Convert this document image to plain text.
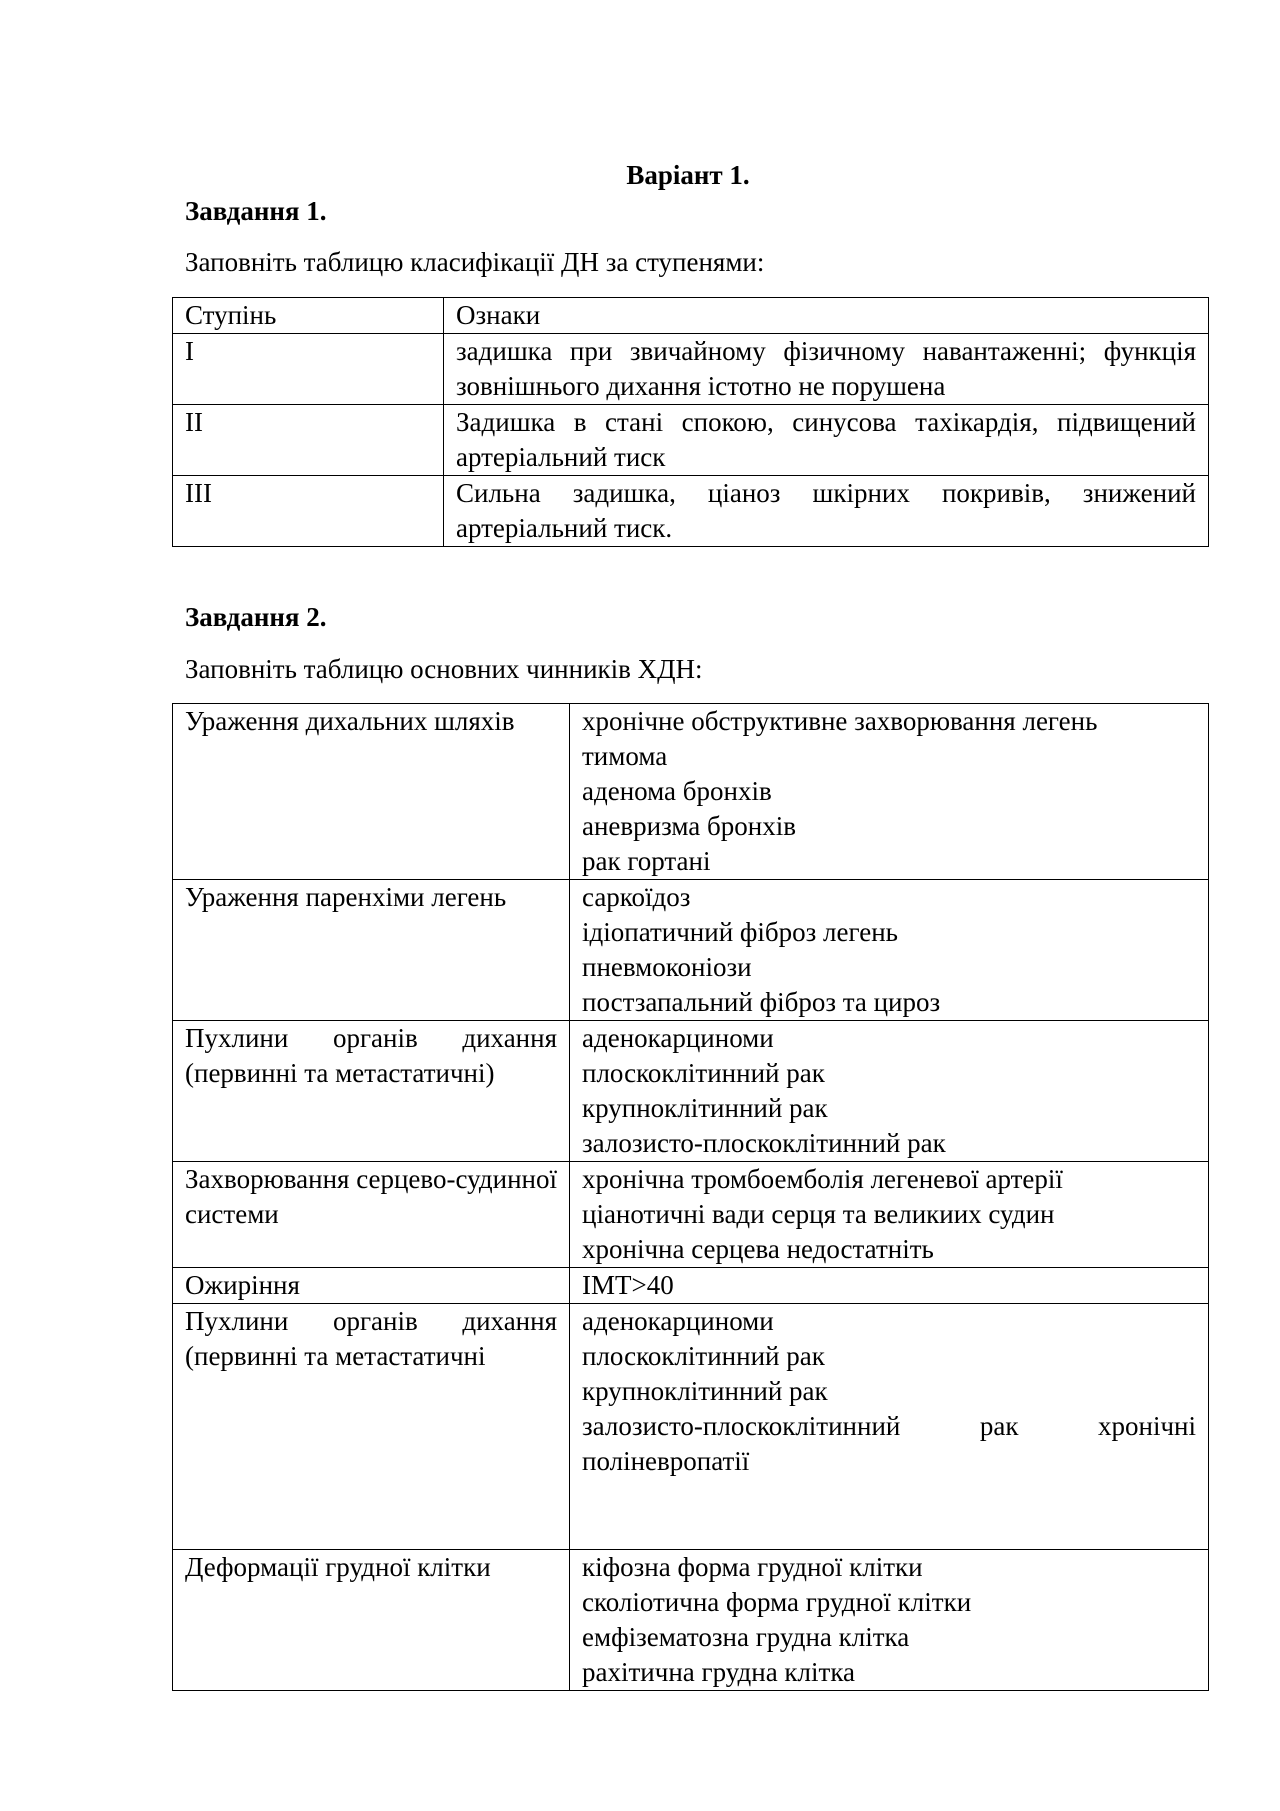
Варіант 1.
Завдання 1.
Заповніть таблицю класифікації ДН за ступенями:
Ступінь	Ознаки
I	задишка при звичайному фізичному навантаженні; функція зовнішнього дихання істотно не порушена
II	Задишка в стані спокою, синусова тахікардія, підвищений артеріальний тиск
III	Сильна задишка, ціаноз шкірних покривів, знижений артеріальний тиск.
Завдання 2.
Заповніть таблицю основних чинників ХДН:
Ураження дихальних шляхів	хронічне обструктивне захворювання легень
тимома
аденома бронхів
аневризма бронхів
рак гортані

Ураження паренхіми легень	саркоїдоз
ідіопатичний фіброз легень
пневмоконіози
постзапальний фіброз та цироз

Пухлини органів дихання (первинні та метастатичні)	аденокарциноми
плоскоклітинний рак
крупноклітинний рак
залозисто-плоскоклітинний рак

Захворювання серцево-судинної системи	хронічна тромбоемболія легеневої артерії
ціанотичні вади серця та великиих судин
хронічна серцева недостатніть

Ожиріння	ІМТ>40

Пухлини органів дихання (первинні та метастатичні	аденокарциноми
плоскоклітинний рак
крупноклітинний рак
залозисто-плоскоклітинний рак хронічні поліневропатії

Деформації грудної клітки	кіфозна форма грудної клітки
сколіотична форма грудної клітки
емфізематозна грудна клітка
рахітична грудна клітка
